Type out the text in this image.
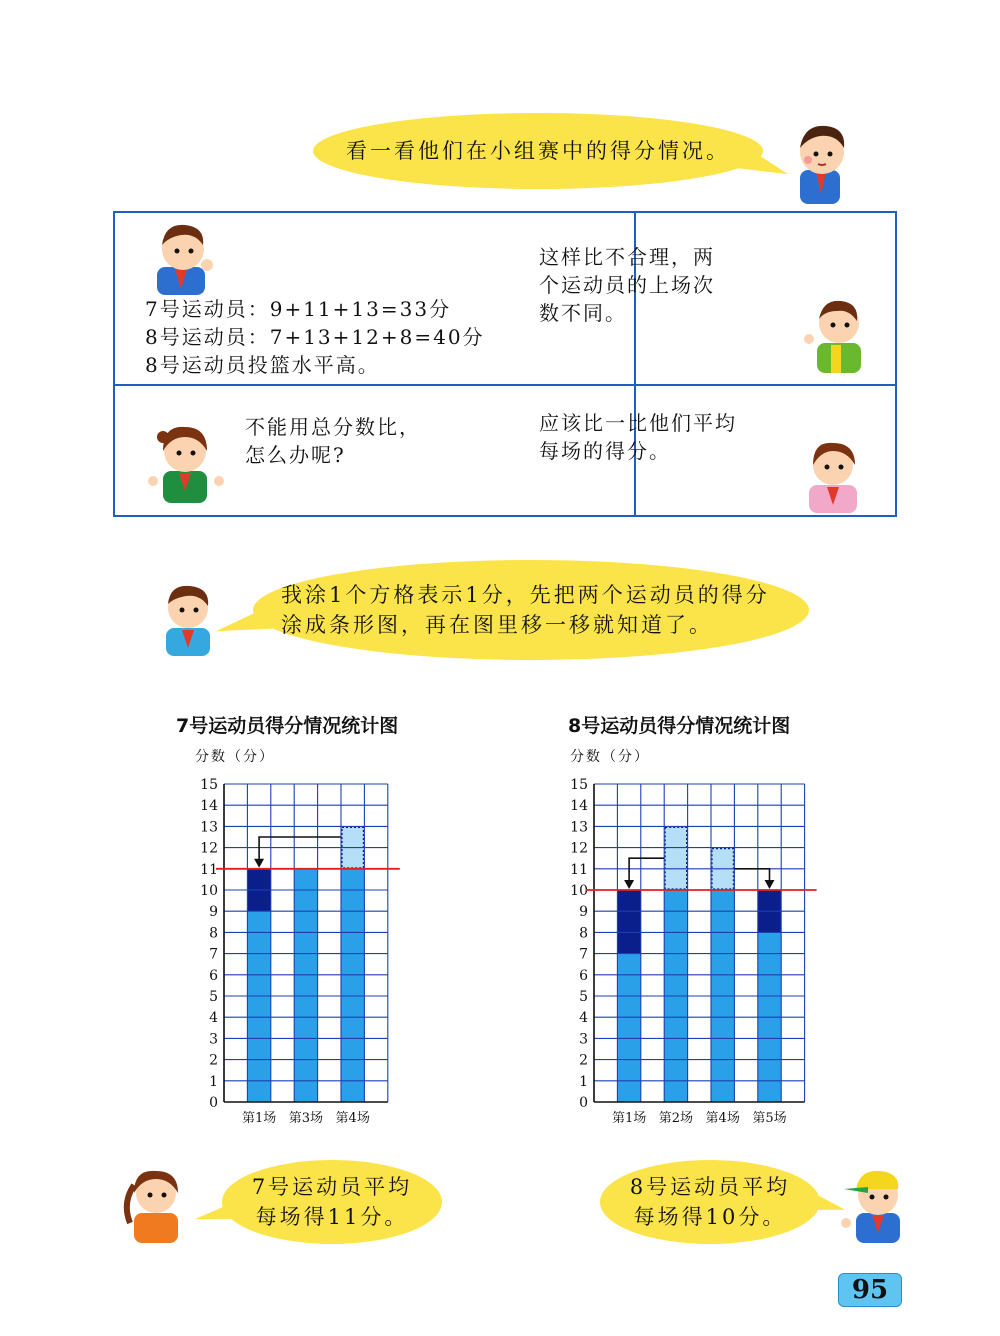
看一看他们在小组赛中的得分情况。
7号运动员：9+11+13=33分
8号运动员：7+13+12+8=40分
8号运动员投篮水平高。
这样比不合理，两
个运动员的上场次
数不同。
不能用总分数比，
怎么办呢?
应该比一比他们平均
每场的得分。
我涂1个方格表示1分，先把两个运动员的得分
涂成条形图，再在图里移一移就知道了。
7号运动员得分情况统计图
分数（分）
0
1
2
3
4
5
6
7
8
9
10
11
12
13
14
15
第1场 第3场 第4场
8号运动员得分情况统计图
分数（分）
0
1
2
3
4
5
6
7
8
9
10
11
12
13
14
15
第1场 第2场 第4场 第5场
7号运动员平均
每场得11分。
8号运动员平均
每场得10分。
95
